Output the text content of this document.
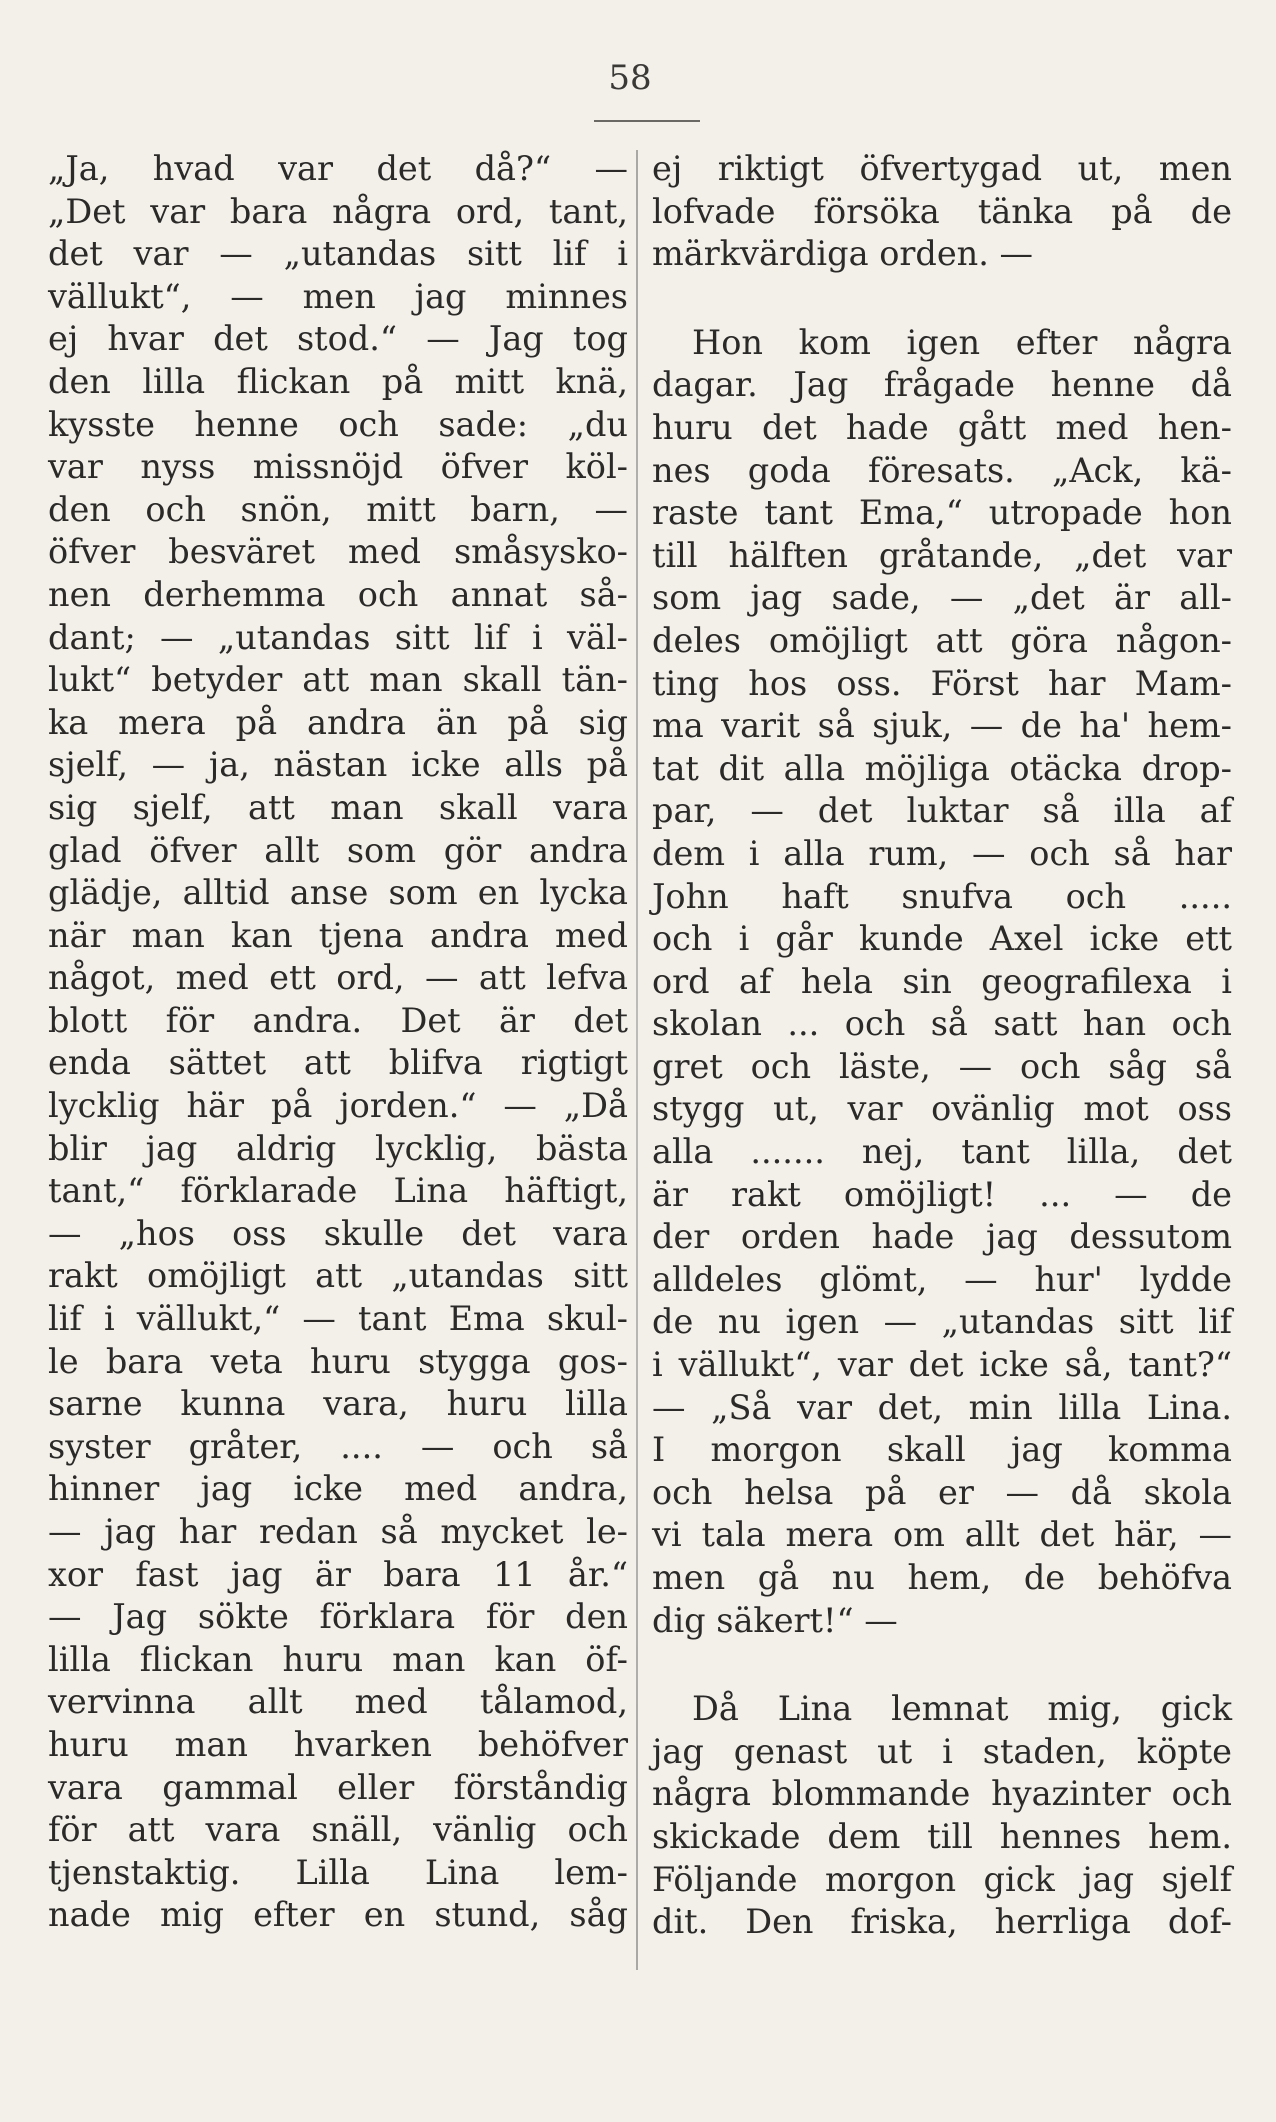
58
„Ja, hvad var det då?“ —
„Det var bara några ord, tant,
det var — „utandas sitt lif i
vällukt“, — men jag minnes
ej hvar det stod.“ — Jag tog
den lilla flickan på mitt knä,
kysste henne och sade: „du
var nyss missnöjd öfver köl-
den och snön, mitt barn, —
öfver besväret med småsysko-
nen derhemma och annat så-
dant; — „utandas sitt lif i väl-
lukt“ betyder att man skall tän-
ka mera på andra än på sig
sjelf, — ja, nästan icke alls på
sig sjelf, att man skall vara
glad öfver allt som gör andra
glädje, alltid anse som en lycka
när man kan tjena andra med
något, med ett ord, — att lefva
blott för andra. Det är det
enda sättet att blifva rigtigt
lycklig här på jorden.“ — „Då
blir jag aldrig lycklig, bästa
tant,“ förklarade Lina häftigt,
— „hos oss skulle det vara
rakt omöjligt att „utandas sitt
lif i vällukt,“ — tant Ema skul-
le bara veta huru stygga gos-
sarne kunna vara, huru lilla
syster gråter, .... — och så
hinner jag icke med andra,
— jag har redan så mycket le-
xor fast jag är bara 11 år.“
— Jag sökte förklara för den
lilla flickan huru man kan öf-
vervinna allt med tålamod,
huru man hvarken behöfver
vara gammal eller förståndig
för att vara snäll, vänlig och
tjenstaktig. Lilla Lina lem-
nade mig efter en stund, såg
ej riktigt öfvertygad ut, men
lofvade försöka tänka på de
märkvärdiga orden. —
Hon kom igen efter några
dagar. Jag frågade henne då
huru det hade gått med hen-
nes goda föresats. „Ack, kä-
raste tant Ema,“ utropade hon
till hälften gråtande, „det var
som jag sade, — „det är all-
deles omöjligt att göra någon-
ting hos oss. Först har Mam-
ma varit så sjuk, — de ha' hem-
tat dit alla möjliga otäcka drop-
par, — det luktar så illa af
dem i alla rum, — och så har
John haft snufva och .....
och i går kunde Axel icke ett
ord af hela sin geografilexa i
skolan ... och så satt han och
gret och läste, — och såg så
stygg ut, var ovänlig mot oss
alla ....... nej, tant lilla, det
är rakt omöjligt! ... — de
der orden hade jag dessutom
alldeles glömt, — hur' lydde
de nu igen — „utandas sitt lif
i vällukt“, var det icke så, tant?“
— „Så var det, min lilla Lina.
I morgon skall jag komma
och helsa på er — då skola
vi tala mera om allt det här, —
men gå nu hem, de behöfva
dig säkert!“ —
Då Lina lemnat mig, gick
jag genast ut i staden, köpte
några blommande hyazinter och
skickade dem till hennes hem.
Följande morgon gick jag sjelf
dit. Den friska, herrliga dof-
